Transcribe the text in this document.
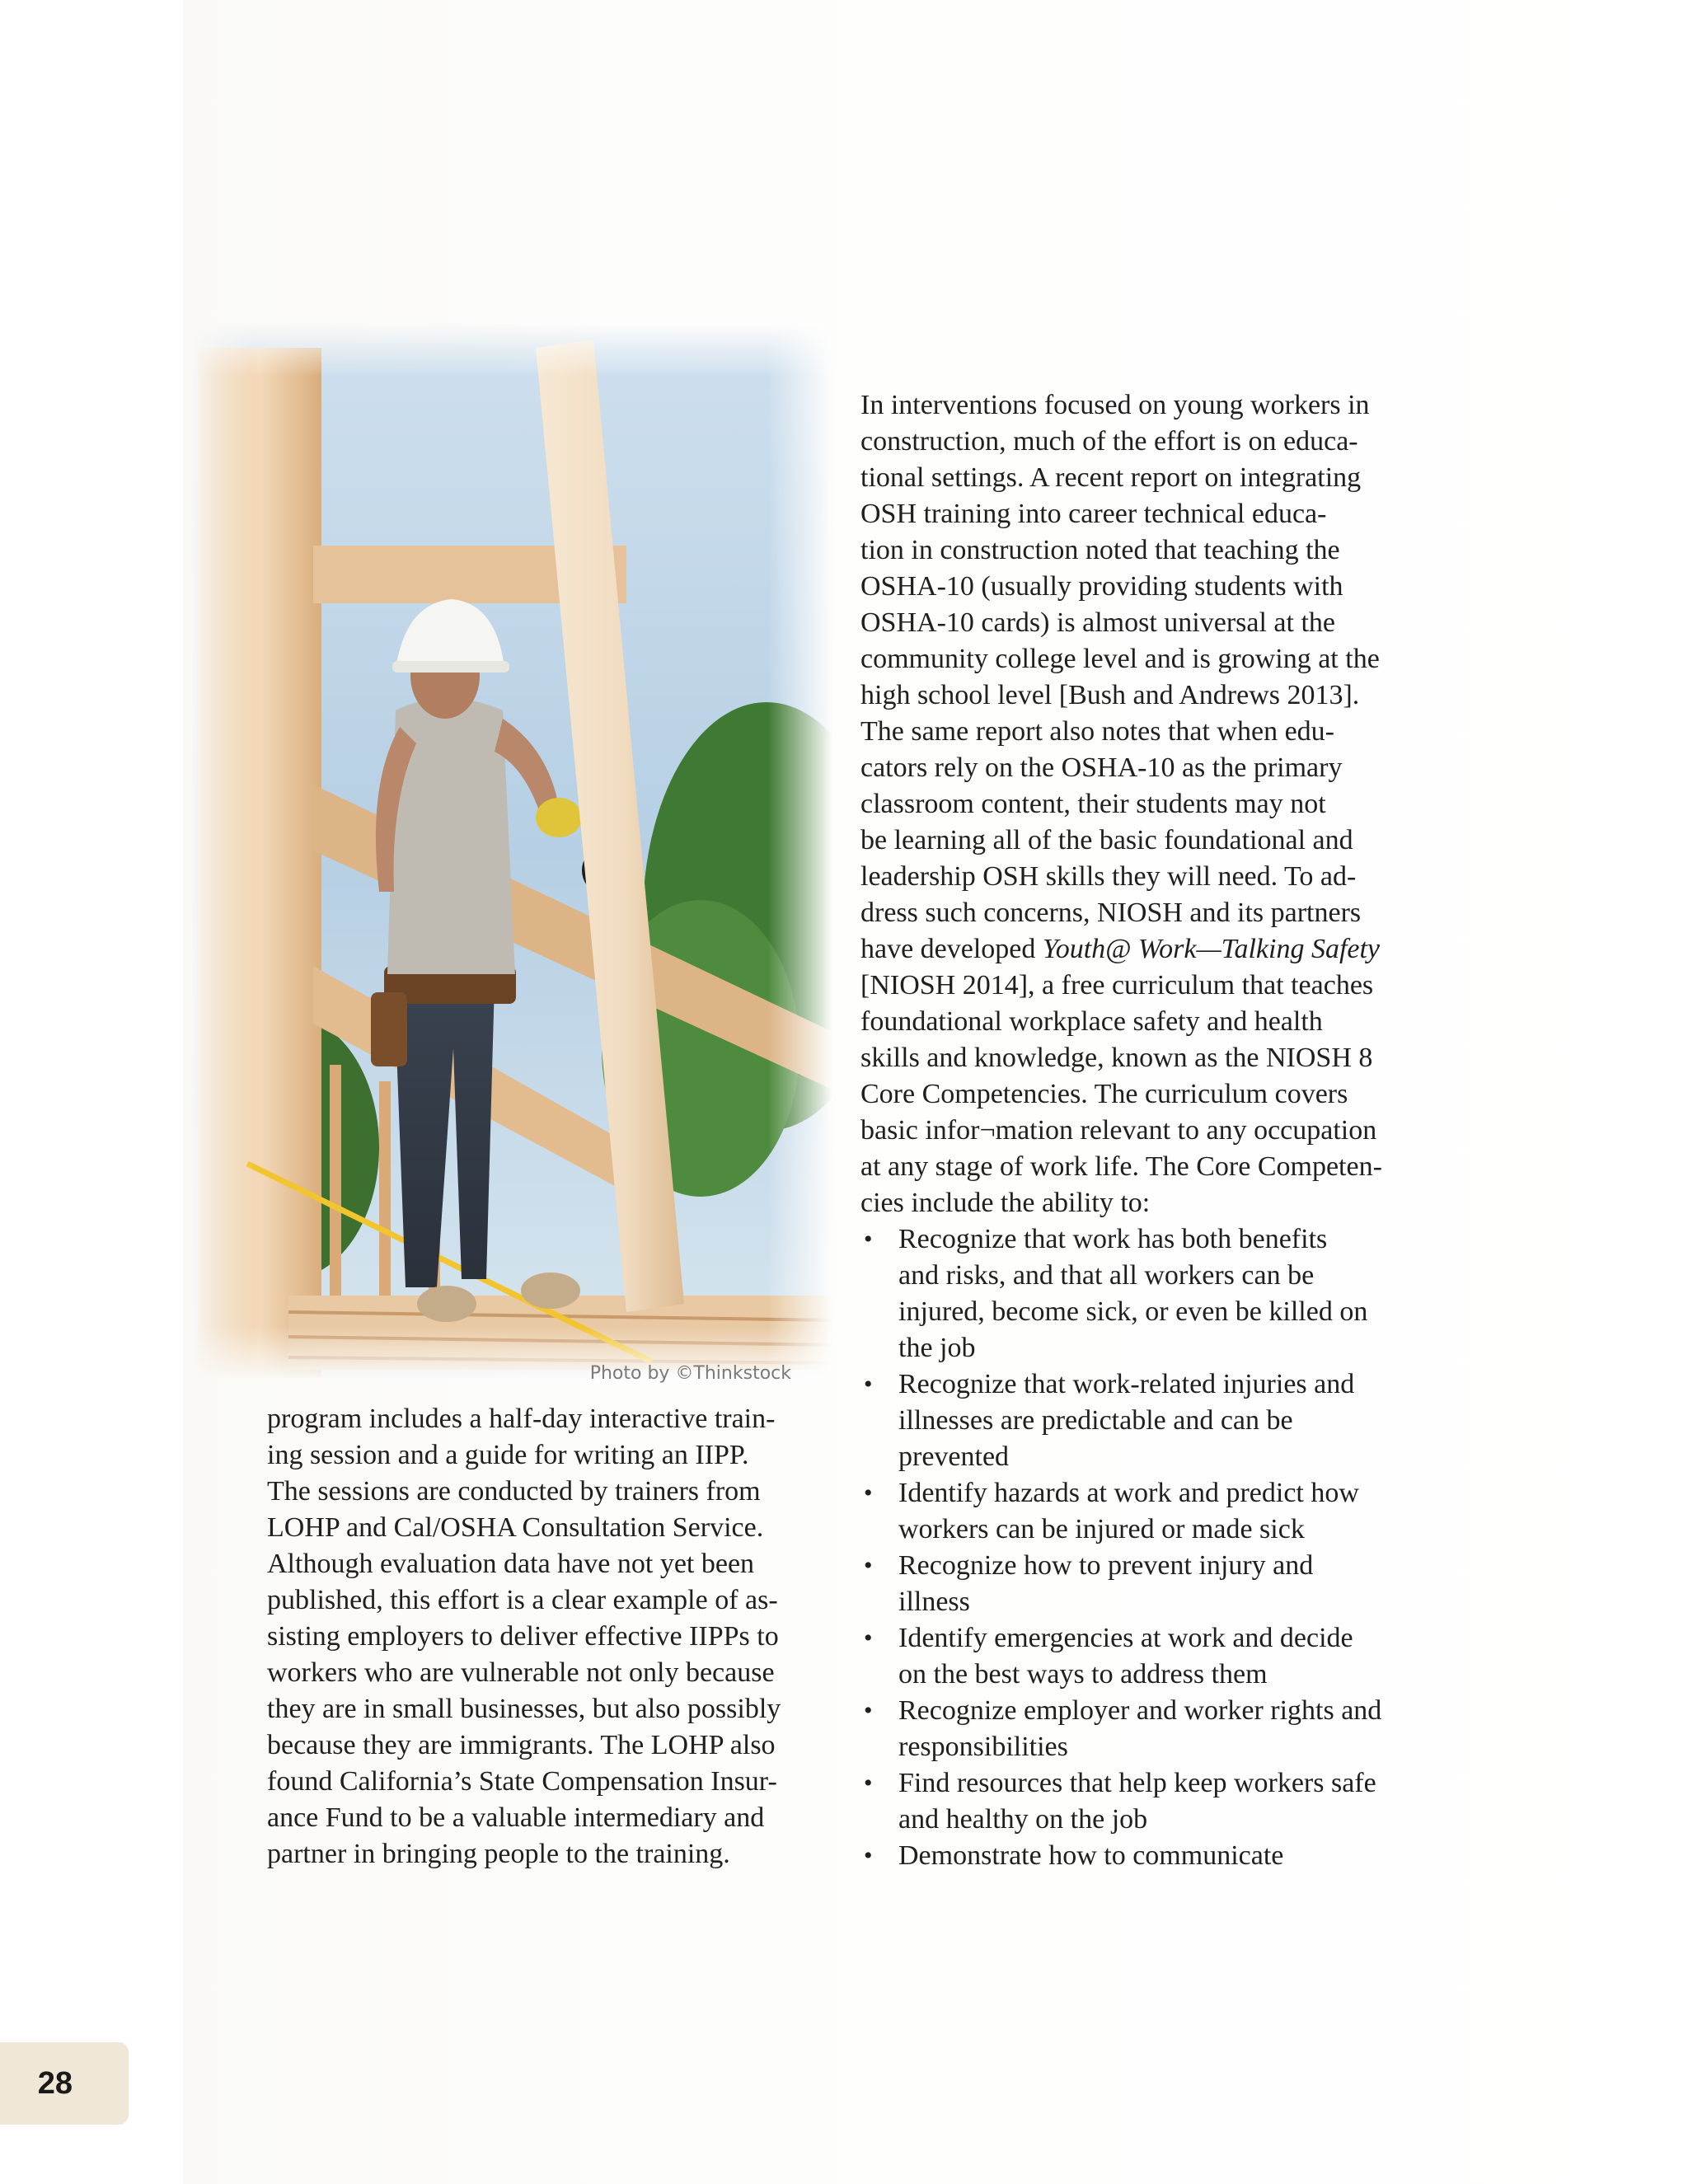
Photo by ©Thinkstock
program includes a half-day interactive train-
ing session and a guide for writing an IIPP.
The sessions are conducted by trainers from
LOHP and Cal/OSHA Consultation Service.
Although evaluation data have not yet been
published, this effort is a clear example of as-
sisting employers to deliver effective IIPPs to
workers who are vulnerable not only because
they are in small businesses, but also possibly
because they are immigrants. The LOHP also
found California’s State Compensation Insur-
ance Fund to be a valuable intermediary and
partner in bringing people to the training.
In interventions focused on young workers in
construction, much of the effort is on educa-
tional settings. A recent report on integrating
OSH training into career technical educa-
tion in construction noted that teaching the
OSHA-10 (usually providing students with
OSHA-10 cards) is almost universal at the
community college level and is growing at the
high school level [Bush and Andrews 2013].
The same report also notes that when edu-
cators rely on the OSHA-10 as the primary
classroom content, their students may not
be learning all of the basic foundational and
leadership OSH skills they will need. To ad-
dress such concerns, NIOSH and its partners
have developed Youth@ Work—Talking Safety
[NIOSH 2014], a free curriculum that teaches
foundational workplace safety and health
skills and knowledge, known as the NIOSH 8
Core Competencies. The curriculum covers
basic infor¬mation relevant to any occupation
at any stage of work life. The Core Competen-
cies include the ability to:
• Recognize that work has both benefits
and risks, and that all workers can be
injured, become sick, or even be killed on
the job
• Recognize that work-related injuries and
illnesses are predictable and can be
prevented
• Identify hazards at work and predict how
workers can be injured or made sick
• Recognize how to prevent injury and
illness
• Identify emergencies at work and decide
on the best ways to address them
• Recognize employer and worker rights and
responsibilities
• Find resources that help keep workers safe
and healthy on the job
• Demonstrate how to communicate
28
